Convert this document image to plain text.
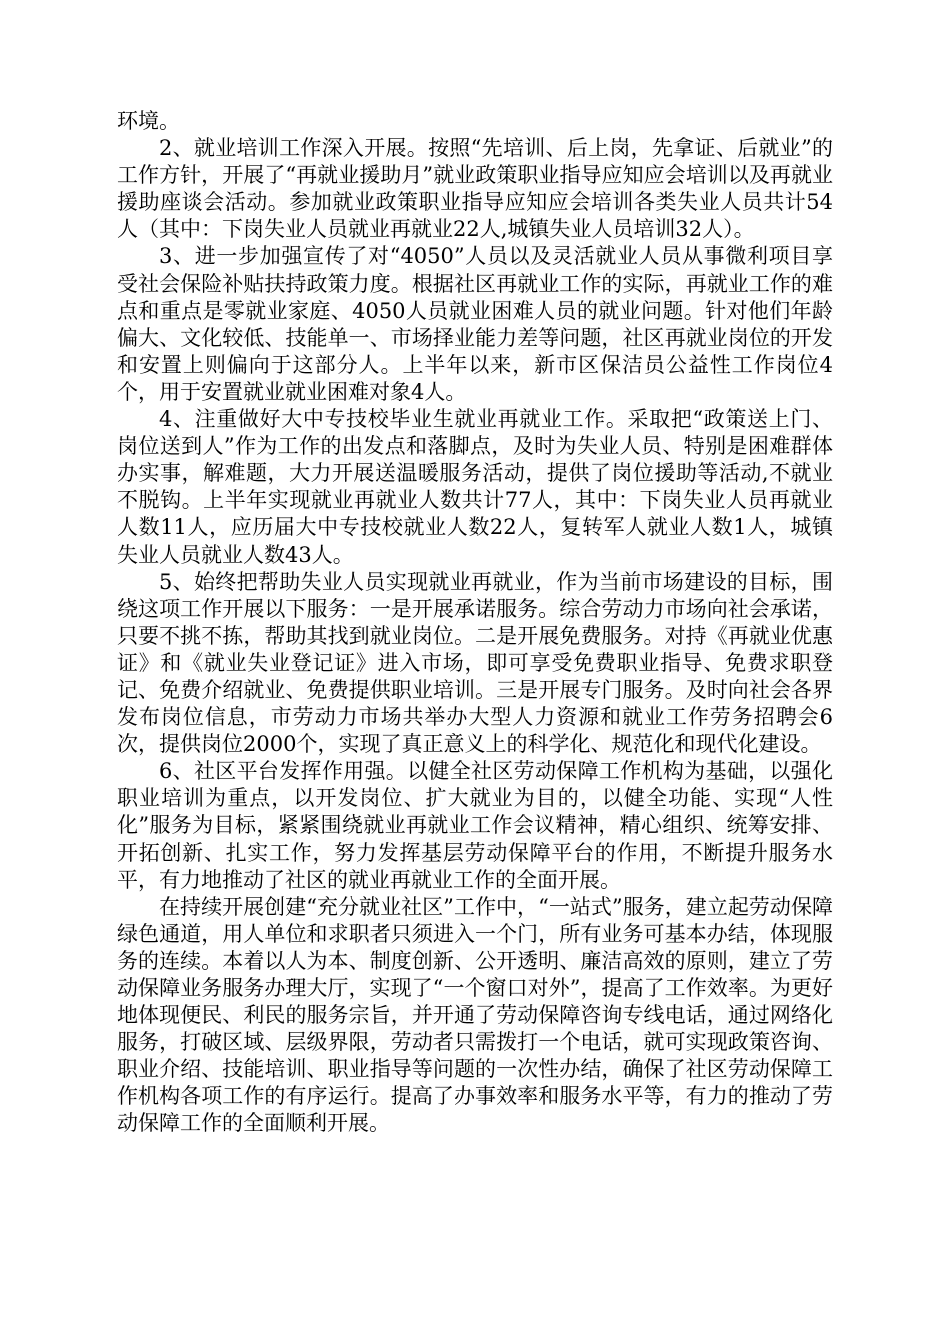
环境。

2、就业培训工作深入开展。按照“先培训、后上岗，先拿证、后就业”的工作方针，开展了“再就业援助月”就业政策职业指导应知应会培训以及再就业援助座谈会活动。参加就业政策职业指导应知应会培训各类失业人员共计54人（其中：下岗失业人员就业再就业22人,城镇失业人员培训32人）。

3、进一步加强宣传了对“4050”人员以及灵活就业人员从事微利项目享受社会保险补贴扶持政策力度。根据社区再就业工作的实际，再就业工作的难点和重点是零就业家庭、4050人员就业困难人员的就业问题。针对他们年龄偏大、文化较低、技能单一、市场择业能力差等问题，社区再就业岗位的开发和安置上则偏向于这部分人。上半年以来，新市区保洁员公益性工作岗位4个，用于安置就业就业困难对象4人。

4、注重做好大中专技校毕业生就业再就业工作。采取把“政策送上门、岗位送到人”作为工作的出发点和落脚点，及时为失业人员、特别是困难群体办实事，解难题，大力开展送温暖服务活动，提供了岗位援助等活动,不就业不脱钩。上半年实现就业再就业人数共计77人，其中：下岗失业人员再就业人数11人，应历届大中专技校就业人数22人，复转军人就业人数1人，城镇失业人员就业人数43人。

5、始终把帮助失业人员实现就业再就业，作为当前市场建设的目标，围绕这项工作开展以下服务：一是开展承诺服务。综合劳动力市场向社会承诺，只要不挑不拣，帮助其找到就业岗位。二是开展免费服务。对持《再就业优惠证》和《就业失业登记证》进入市场，即可享受免费职业指导、免费求职登记、免费介绍就业、免费提供职业培训。三是开展专门服务。及时向社会各界发布岗位信息，市劳动力市场共举办大型人力资源和就业工作劳务招聘会6次，提供岗位2000个，实现了真正意义上的科学化、规范化和现代化建设。

6、社区平台发挥作用强。以健全社区劳动保障工作机构为基础，以强化职业培训为重点，以开发岗位、扩大就业为目的，以健全功能、实现“人性化”服务为目标，紧紧围绕就业再就业工作会议精神，精心组织、统筹安排、开拓创新、扎实工作，努力发挥基层劳动保障平台的作用，不断提升服务水平，有力地推动了社区的就业再就业工作的全面开展。

在持续开展创建“充分就业社区”工作中，“一站式”服务，建立起劳动保障绿色通道，用人单位和求职者只须进入一个门，所有业务可基本办结，体现服务的连续。本着以人为本、制度创新、公开透明、廉洁高效的原则，建立了劳动保障业务服务办理大厅，实现了“一个窗口对外”，提高了工作效率。为更好地体现便民、利民的服务宗旨，并开通了劳动保障咨询专线电话，通过网络化服务，打破区域、层级界限，劳动者只需拨打一个电话，就可实现政策咨询、职业介绍、技能培训、职业指导等问题的一次性办结，确保了社区劳动保障工作机构各项工作的有序运行。提高了办事效率和服务水平等，有力的推动了劳动保障工作的全面顺利开展。
